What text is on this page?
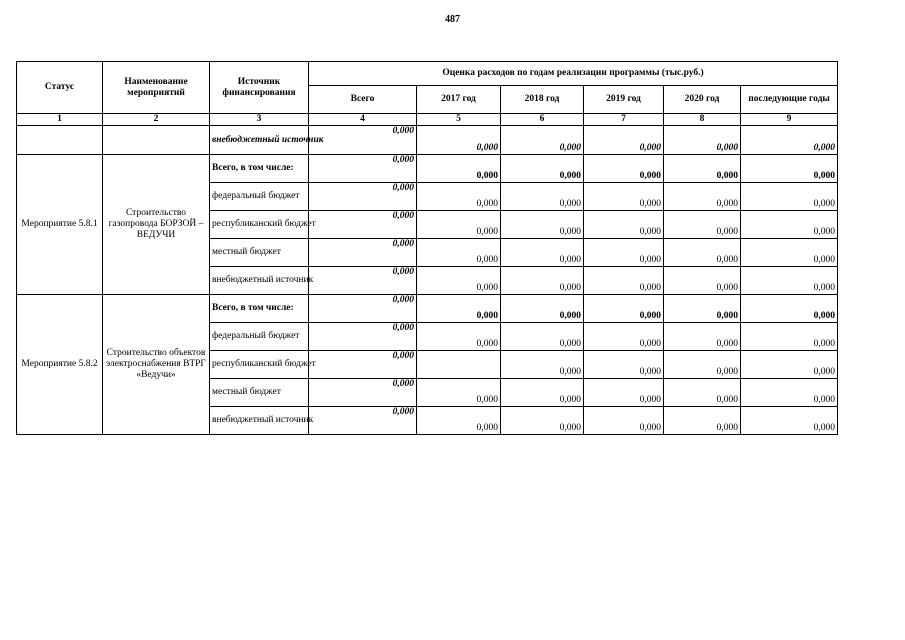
487
Статус	Наименование мероприятий	Источник финансирования	Оценка расходов по годам реализации программы (тыс.руб.)					
			Всего	2017 год	2018 год	2019 год	2020 год	последующие годы
1	2	3	4	5	6	7	8	9
		внебюджетный источник	0,000	0,000	0,000	0,000	0,000	0,000
Мероприятие 5.8.1	Строительство газопровода БОРЗОЙ – ВЕДУЧИ	Всего, в том числе:	0,000	0,000	0,000	0,000	0,000	0,000
		федеральный бюджет	0,000	0,000	0,000	0,000	0,000	0,000
		республиканский бюджет	0,000	0,000	0,000	0,000	0,000	0,000
		местный бюджет	0,000	0,000	0,000	0,000	0,000	0,000
		внебюджетный источник	0,000	0,000	0,000	0,000	0,000	0,000
Мероприятие 5.8.2	Строительство объектов электроснабжения ВТРГ «Ведучи»	Всего, в том числе:	0,000	0,000	0,000	0,000	0,000	0,000
		федеральный бюджет	0,000	0,000	0,000	0,000	0,000	0,000
		республиканский бюджет	0,000		0,000	0,000	0,000	0,000
		местный бюджет	0,000	0,000	0,000	0,000	0,000	0,000
		внебюджетный источник	0,000	0,000	0,000	0,000	0,000	0,000
